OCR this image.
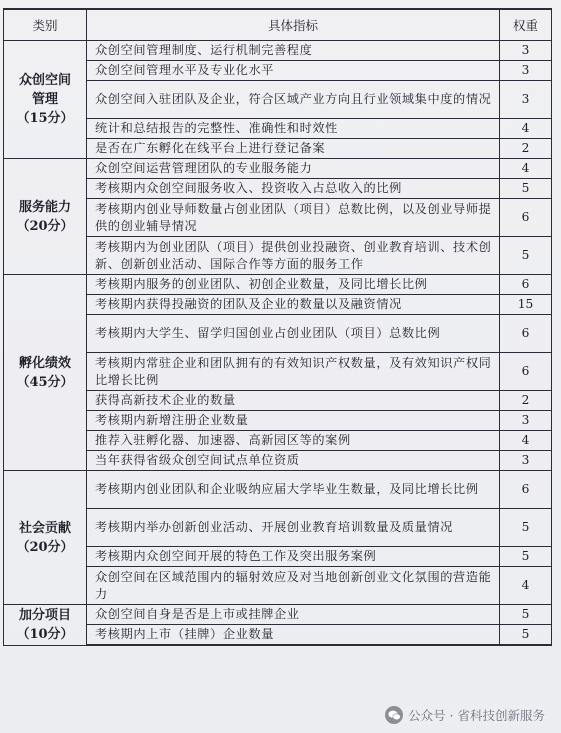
类别	具体指标	权重

众创空间
管理
（15分）	众创空间管理制度、运行机制完善程度	3
	众创空间管理水平及专业化水平	3
	众创空间入驻团队及企业，符合区域产业方向且行业领域集中度的情况	3
	统计和总结报告的完整性、准确性和时效性	4
	是否在广东孵化在线平台上进行登记备案	2

服务能力
（20分）	众创空间运营管理团队的专业服务能力	4
	考核期内众创空间服务收入、投资收入占总收入的比例	5
	考核期内创业导师数量占创业团队（项目）总数比例，以及创业导师提供的创业辅导情况	6
	考核期内为创业团队（项目）提供创业投融资、创业教育培训、技术创新、创新创业活动、国际合作等方面的服务工作	5

孵化绩效
（45分）	考核期内服务的创业团队、初创企业数量，及同比增长比例	6
	考核期内获得投融资的团队及企业的数量以及融资情况	15
	考核期内大学生、留学归国创业占创业团队（项目）总数比例	6
	考核期内常驻企业和团队拥有的有效知识产权数量，及有效知识产权同比增长比例	6
	获得高新技术企业的数量	2
	考核期内新增注册企业数量	3
	推荐入驻孵化器、加速器、高新园区等的案例	4
	当年获得省级众创空间试点单位资质	3

社会贡献
（20分）	考核期内创业团队和企业吸纳应届大学毕业生数量，及同比增长比例	6
	考核期内举办创新创业活动、开展创业教育培训数量及质量情况	5
	考核期内众创空间开展的特色工作及突出服务案例	5
	众创空间在区域范围内的辐射效应及对当地创新创业文化氛围的营造能力	4

加分项目
（10分）	众创空间自身是否是上市或挂牌企业	5
	考核期内上市（挂牌）企业数量	5
公众号 · 省科技创新服务
